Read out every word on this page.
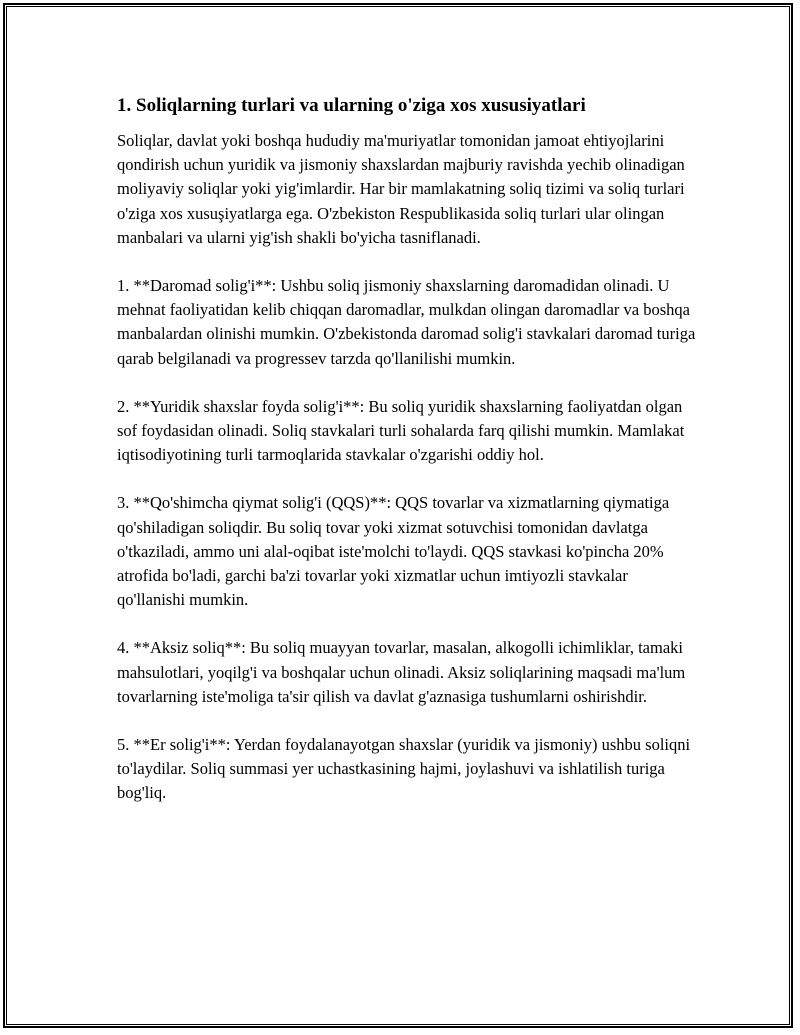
1. Soliqlarning turlari va ularning o'ziga xos xususiyatlari

Soliqlar, davlat yoki boshqa hududiy ma'muriyatlar tomonidan jamoat ehtiyojlarini qondirish uchun yuridik va jismoniy shaxslardan majburiy ravishda yechib olinadigan moliyaviy soliqlar yoki yig'imlardir. Har bir mamlakatning soliq tizimi va soliq turlari o'ziga xos xusuşiyatlarga ega. O'zbekiston Respublikasida soliq turlari ular olingan manbalari va ularni yig'ish shakli bo'yicha tasniflanadi.

1. **Daromad solig'i**: Ushbu soliq jismoniy shaxslarning daromadidan olinadi. U mehnat faoliyatidan kelib chiqqan daromadlar, mulkdan olingan daromadlar va boshqa manbalardan olinishi mumkin. O'zbekistonda daromad solig'i stavkalari daromad turiga qarab belgilanadi va progressev tarzda qo'llanilishi mumkin.

2. **Yuridik shaxslar foyda solig'i**: Bu soliq yuridik shaxslarning faoliyatdan olgan sof foydasidan olinadi. Soliq stavkalari turli sohalarda farq qilishi mumkin. Mamlakat iqtisodiyotining turli tarmoqlarida stavkalar o'zgarishi oddiy hol.

3. **Qo'shimcha qiymat solig'i (QQS)**: QQS tovarlar va xizmatlarning qiymatiga qo'shiladigan soliqdir. Bu soliq tovar yoki xizmat sotuvchisi tomonidan davlatga o'tkaziladi, ammo uni alal-oqibat iste'molchi to'laydi. QQS stavkasi ko'pincha 20% atrofida bo'ladi, garchi ba'zi tovarlar yoki xizmatlar uchun imtiyozli stavkalar qo'llanishi mumkin.

4. **Aksiz soliq**: Bu soliq muayyan tovarlar, masalan, alkogolli ichimliklar, tamaki mahsulotlari, yoqilg'i va boshqalar uchun olinadi. Aksiz soliqlarining maqsadi ma'lum tovarlarning iste'moliga ta'sir qilish va davlat g'aznasiga tushumlarni oshirishdir.

5. **Er solig'i**: Yerdan foydalanayotgan shaxslar (yuridik va jismoniy) ushbu soliqni to'laydilar. Soliq summasi yer uchastkasining hajmi, joylashuvi va ishlatilish turiga bog'liq.
